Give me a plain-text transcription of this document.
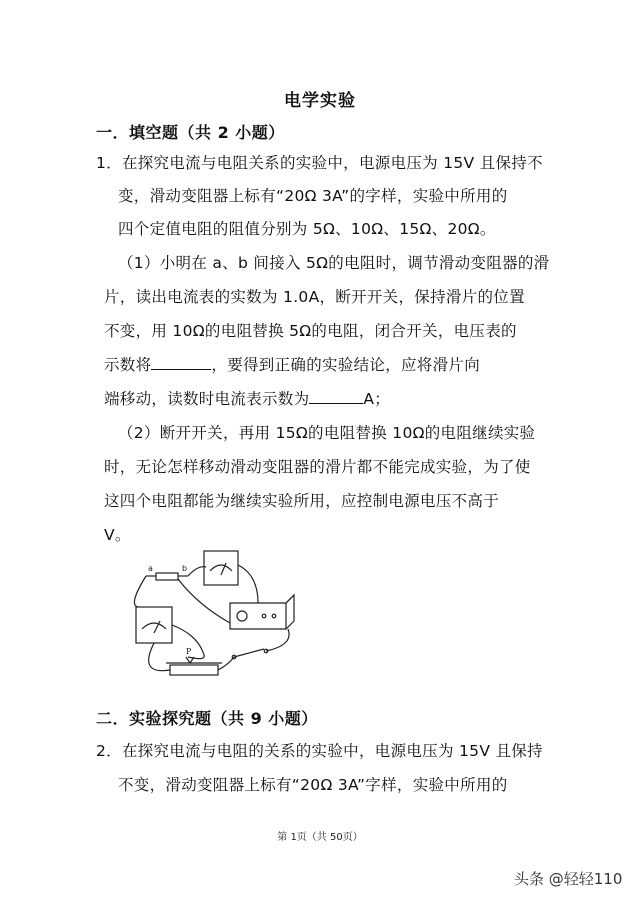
电学实验
一．填空题（共 2 小题）
1．在探究电流与电阻关系的实验中，电源电压为 15V 且保持不
变，滑动变阻器上标有“20Ω 3A”的字样，实验中所用的
四个定值电阻的阻值分别为 5Ω、10Ω、15Ω、20Ω。
（1）小明在 a、b 间接入 5Ω的电阻时，调节滑动变阻器的滑
片，读出电流表的实数为 1.0A，断开开关，保持滑片的位置
不变，用 10Ω的电阻替换 5Ω的电阻，闭合开关，电压表的
示数将	，要得到正确的实验结论，应将滑片向
端移动，读数时电流表示数为	A；
（2）断开开关，再用 15Ω的电阻替换 10Ω的电阻继续实验
时，无论怎样移动滑动变阻器的滑片都不能完成实验，为了使
这四个电阻都能为继续实验所用，应控制电源电压不高于
V。
a	b
P
二．实验探究题（共 9 小题）
2．在探究电流与电阻的关系的实验中，电源电压为 15V 且保持
不变，滑动变阻器上标有“20Ω 3A”字样，实验中所用的
第 1页（共 50页）
头条 @轻轻110
